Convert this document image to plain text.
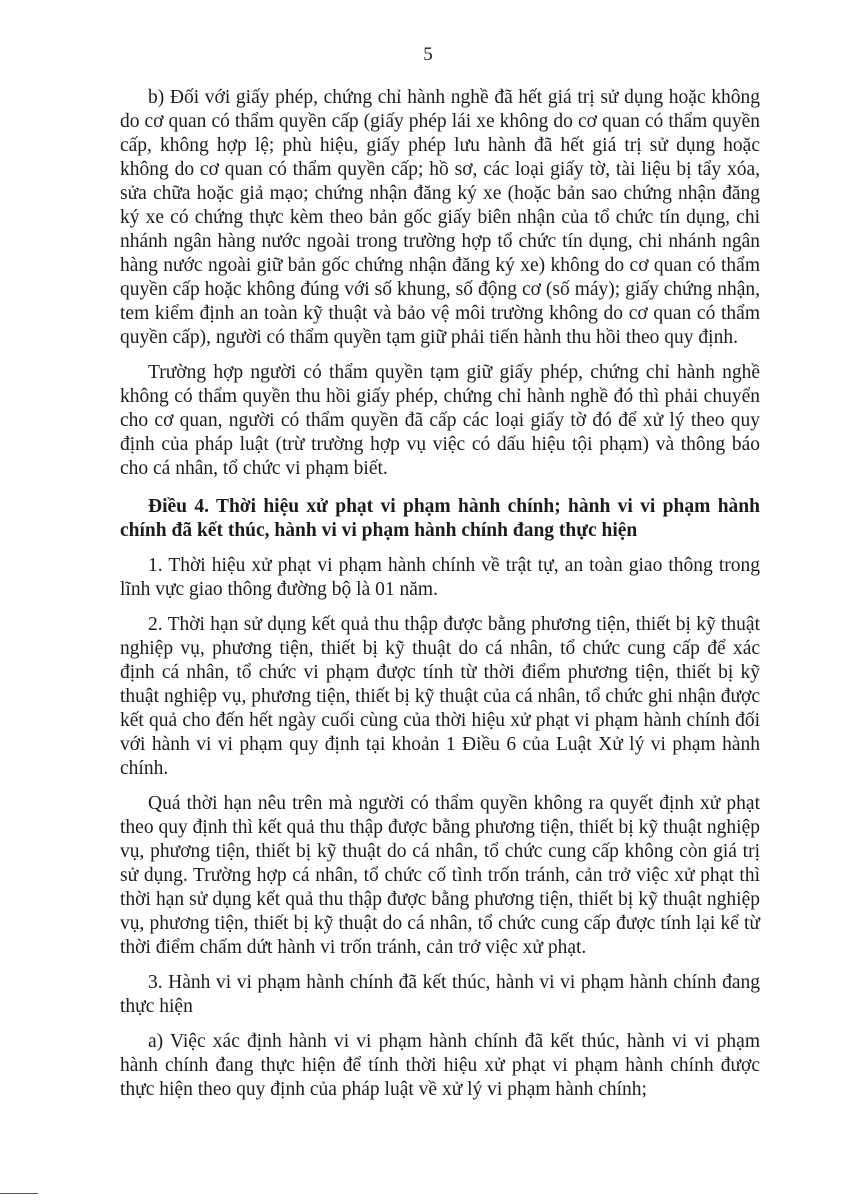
5

b) Đối với giấy phép, chứng chỉ hành nghề đã hết giá trị sử dụng hoặc không do cơ quan có thẩm quyền cấp (giấy phép lái xe không do cơ quan có thẩm quyền cấp, không hợp lệ; phù hiệu, giấy phép lưu hành đã hết giá trị sử dụng hoặc không do cơ quan có thẩm quyền cấp; hồ sơ, các loại giấy tờ, tài liệu bị tẩy xóa, sửa chữa hoặc giả mạo; chứng nhận đăng ký xe (hoặc bản sao chứng nhận đăng ký xe có chứng thực kèm theo bản gốc giấy biên nhận của tổ chức tín dụng, chi nhánh ngân hàng nước ngoài trong trường hợp tổ chức tín dụng, chi nhánh ngân hàng nước ngoài giữ bản gốc chứng nhận đăng ký xe) không do cơ quan có thẩm quyền cấp hoặc không đúng với số khung, số động cơ (số máy); giấy chứng nhận, tem kiểm định an toàn kỹ thuật và bảo vệ môi trường không do cơ quan có thẩm quyền cấp), người có thẩm quyền tạm giữ phải tiến hành thu hồi theo quy định.

Trường hợp người có thẩm quyền tạm giữ giấy phép, chứng chỉ hành nghề không có thẩm quyền thu hồi giấy phép, chứng chỉ hành nghề đó thì phải chuyển cho cơ quan, người có thẩm quyền đã cấp các loại giấy tờ đó để xử lý theo quy định của pháp luật (trừ trường hợp vụ việc có dấu hiệu tội phạm) và thông báo cho cá nhân, tổ chức vi phạm biết.

Điều 4. Thời hiệu xử phạt vi phạm hành chính; hành vi vi phạm hành chính đã kết thúc, hành vi vi phạm hành chính đang thực hiện

1. Thời hiệu xử phạt vi phạm hành chính về trật tự, an toàn giao thông trong lĩnh vực giao thông đường bộ là 01 năm.

2. Thời hạn sử dụng kết quả thu thập được bằng phương tiện, thiết bị kỹ thuật nghiệp vụ, phương tiện, thiết bị kỹ thuật do cá nhân, tổ chức cung cấp để xác định cá nhân, tổ chức vi phạm được tính từ thời điểm phương tiện, thiết bị kỹ thuật nghiệp vụ, phương tiện, thiết bị kỹ thuật của cá nhân, tổ chức ghi nhận được kết quả cho đến hết ngày cuối cùng của thời hiệu xử phạt vi phạm hành chính đối với hành vi vi phạm quy định tại khoản 1 Điều 6 của Luật Xử lý vi phạm hành chính.

Quá thời hạn nêu trên mà người có thẩm quyền không ra quyết định xử phạt theo quy định thì kết quả thu thập được bằng phương tiện, thiết bị kỹ thuật nghiệp vụ, phương tiện, thiết bị kỹ thuật do cá nhân, tổ chức cung cấp không còn giá trị sử dụng. Trường hợp cá nhân, tổ chức cố tình trốn tránh, cản trở việc xử phạt thì thời hạn sử dụng kết quả thu thập được bằng phương tiện, thiết bị kỹ thuật nghiệp vụ, phương tiện, thiết bị kỹ thuật do cá nhân, tổ chức cung cấp được tính lại kể từ thời điểm chấm dứt hành vi trốn tránh, cản trở việc xử phạt.

3. Hành vi vi phạm hành chính đã kết thúc, hành vi vi phạm hành chính đang thực hiện

a) Việc xác định hành vi vi phạm hành chính đã kết thúc, hành vi vi phạm hành chính đang thực hiện để tính thời hiệu xử phạt vi phạm hành chính được thực hiện theo quy định của pháp luật về xử lý vi phạm hành chính;
